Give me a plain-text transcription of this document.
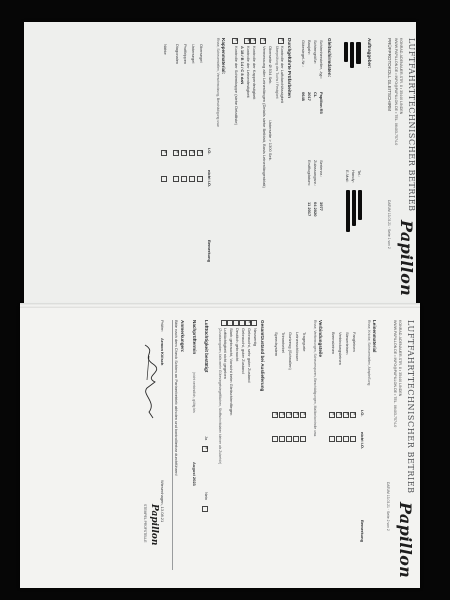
Papillon
LUFTFAHRTTECHNISCHER BETRIEB
KONRAD-ADENAUER-STR. 8 • 35440 LINDEN
WWW.PAPILLON.DE • INFO@PAPILLON.DE • TEL. 06403-7574-0
PRÜFPROTOKOLL GLEITSCHIRM
DATUM 13.03.21 · Seite 1 von 2
Auftraggeber:
Tel.:
Handy:
E-Mail:
Gleitschirmdaten:
Schirmhersteller, -typ:
Papillon R5
Schirmgröße:
CL
Baujahr:
2017
Gütesiegel-Nr.:
0648
Seriennr.:
3977
Zulassungsnr.:
04 2020
Erstflugdatum:
11 2017
Durchgeführte Prüfarbeiten
×
Kontrolle der Luftdurchlässigkeit
Überprüfung des Tuchs / Festigkeit
Oberseite Ø 534 Sek.
Unterseite > 1300 Sek.
×
Vermessung aller Leinenlängen (Details siehe Beiblatt, Basis Leinenlängenblatt)
×
Kontrolle der Kappenfestigkeit
×
Kontrolle der Leinenfestigkeit
A 18 / B 14 / C 8 daN
×
Kontrolle der Schirmkappe (siehe Detailliste)
Kappenmaterial:
Risse, Scheuerstellen, Verschmutzung, Beschädigung usw.
i.O.
nicht i.O.
Bemerkung
Obersegel
×
Untersegel
×
Profilrippen
×
Diagonalen
×
Nähte
×
Papillon
LUFTFAHRTTECHNISCHER BETRIEB
KONRAD-ADENAUER-STR. 8 • 35440 LINDEN
WWW.PAPILLON.DE • INFO@PAPILLON.DE • TEL. 06403-7574-0
DATUM 13.03.21 · Seite 2 von 2
Leinenmaterial
Risse, Knicke, Scheuerstellen, Abspleißung
i.O.
nicht i.O.
Bemerkung
Fangleinen
×
Steuerleinen
×
Verbindungsleinen
×
Bremsleinen
×
Verbindungsteile
Risse, Verformungen, Scheuerspuren, Beschädigungen, Maillonkontrolle usw.
Tragegurte
×
Leinenschlösser
×
Gurtzeug (Schnallen)
×
Trimmhebel
×
Speedsystem
×
Gesamtzustand bei Auslieferung
Neuwertig
×
Gebraucht, sehr guter Zustand
Gebraucht, guter Zustand
Deutlich gebraucht
Stark gebraucht, Vorsicht beim Gleitschirmfliegen
Lufttüchtigkeit nicht gegeben
(Zusatzangaben, falls mehr Gütesiegelsiegelflächen, Stoffschnittdaten kleiner als Zubehör)
Lufttüchtigkeit bestätigt
Ja
×
Nein
Nachprüftermin
(nicht verbindlich, gültig bis
August 2023
Anmerkungen:
Bitte nach dem Check Schirm an Partnerbetrieb abholen und kontrollierbar durchführen!
Prüfer:
Armon Kölsch
Wiesenhagen, 13.08.21
Papillon
STEMPEL PRÜFSTELLE
